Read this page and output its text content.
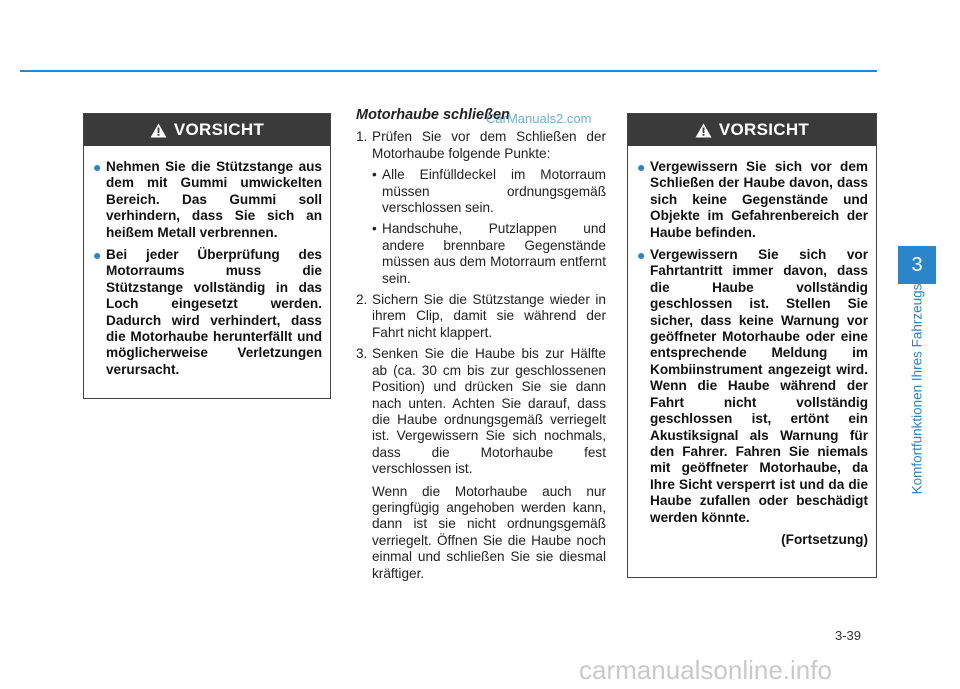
VORSICHT
● Nehmen Sie die Stützstange aus dem mit Gummi umwickelten Bereich. Das Gummi soll verhindern, dass Sie sich an heißem Metall verbrennen.
● Bei jeder Überprüfung des Motorraums muss die Stützstange vollständig in das Loch eingesetzt werden. Dadurch wird verhindert, dass die Motorhaube herunterfällt und möglicherweise Verletzungen verursacht.
Motorhaube schließen
CarManuals2.com
1. Prüfen Sie vor dem Schließen der Motorhaube folgende Punkte:
• Alle Einfülldeckel im Motorraum müssen ordnungsgemäß verschlossen sein.
• Handschuhe, Putzlappen und andere brennbare Gegenstände müssen aus dem Motorraum entfernt sein.
2. Sichern Sie die Stützstange wieder in ihrem Clip, damit sie während der Fahrt nicht klappert.
3. Senken Sie die Haube bis zur Hälfte ab (ca. 30 cm bis zur geschlossenen Position) und drücken Sie sie dann nach unten. Achten Sie darauf, dass die Haube ordnungsgemäß verriegelt ist. Vergewissern Sie sich nochmals, dass die Motorhaube fest verschlossen ist.

Wenn die Motorhaube auch nur geringfügig angehoben werden kann, dann ist sie nicht ordnungsgemäß verriegelt. Öffnen Sie die Haube noch einmal und schließen Sie sie diesmal kräftiger.

VORSICHT
● Vergewissern Sie sich vor dem Schließen der Haube davon, dass sich keine Gegenstände und Objekte im Gefahrenbereich der Haube befinden.
● Vergewissern Sie sich vor Fahrtantritt immer davon, dass die Haube vollständig geschlossen ist. Stellen Sie sicher, dass keine Warnung vor geöffneter Motorhaube oder eine entsprechende Meldung im Kombiinstrument angezeigt wird. Wenn die Haube während der Fahrt nicht vollständig geschlossen ist, ertönt ein Akustiksignal als Warnung für den Fahrer. Fahren Sie niemals mit geöffneter Motorhaube, da Ihre Sicht versperrt ist und da die Haube zufallen oder beschädigt werden könnte.
(Fortsetzung)
3
Komfortfunktionen Ihres Fahrzeugs
3-39
carmanualsonline.info
